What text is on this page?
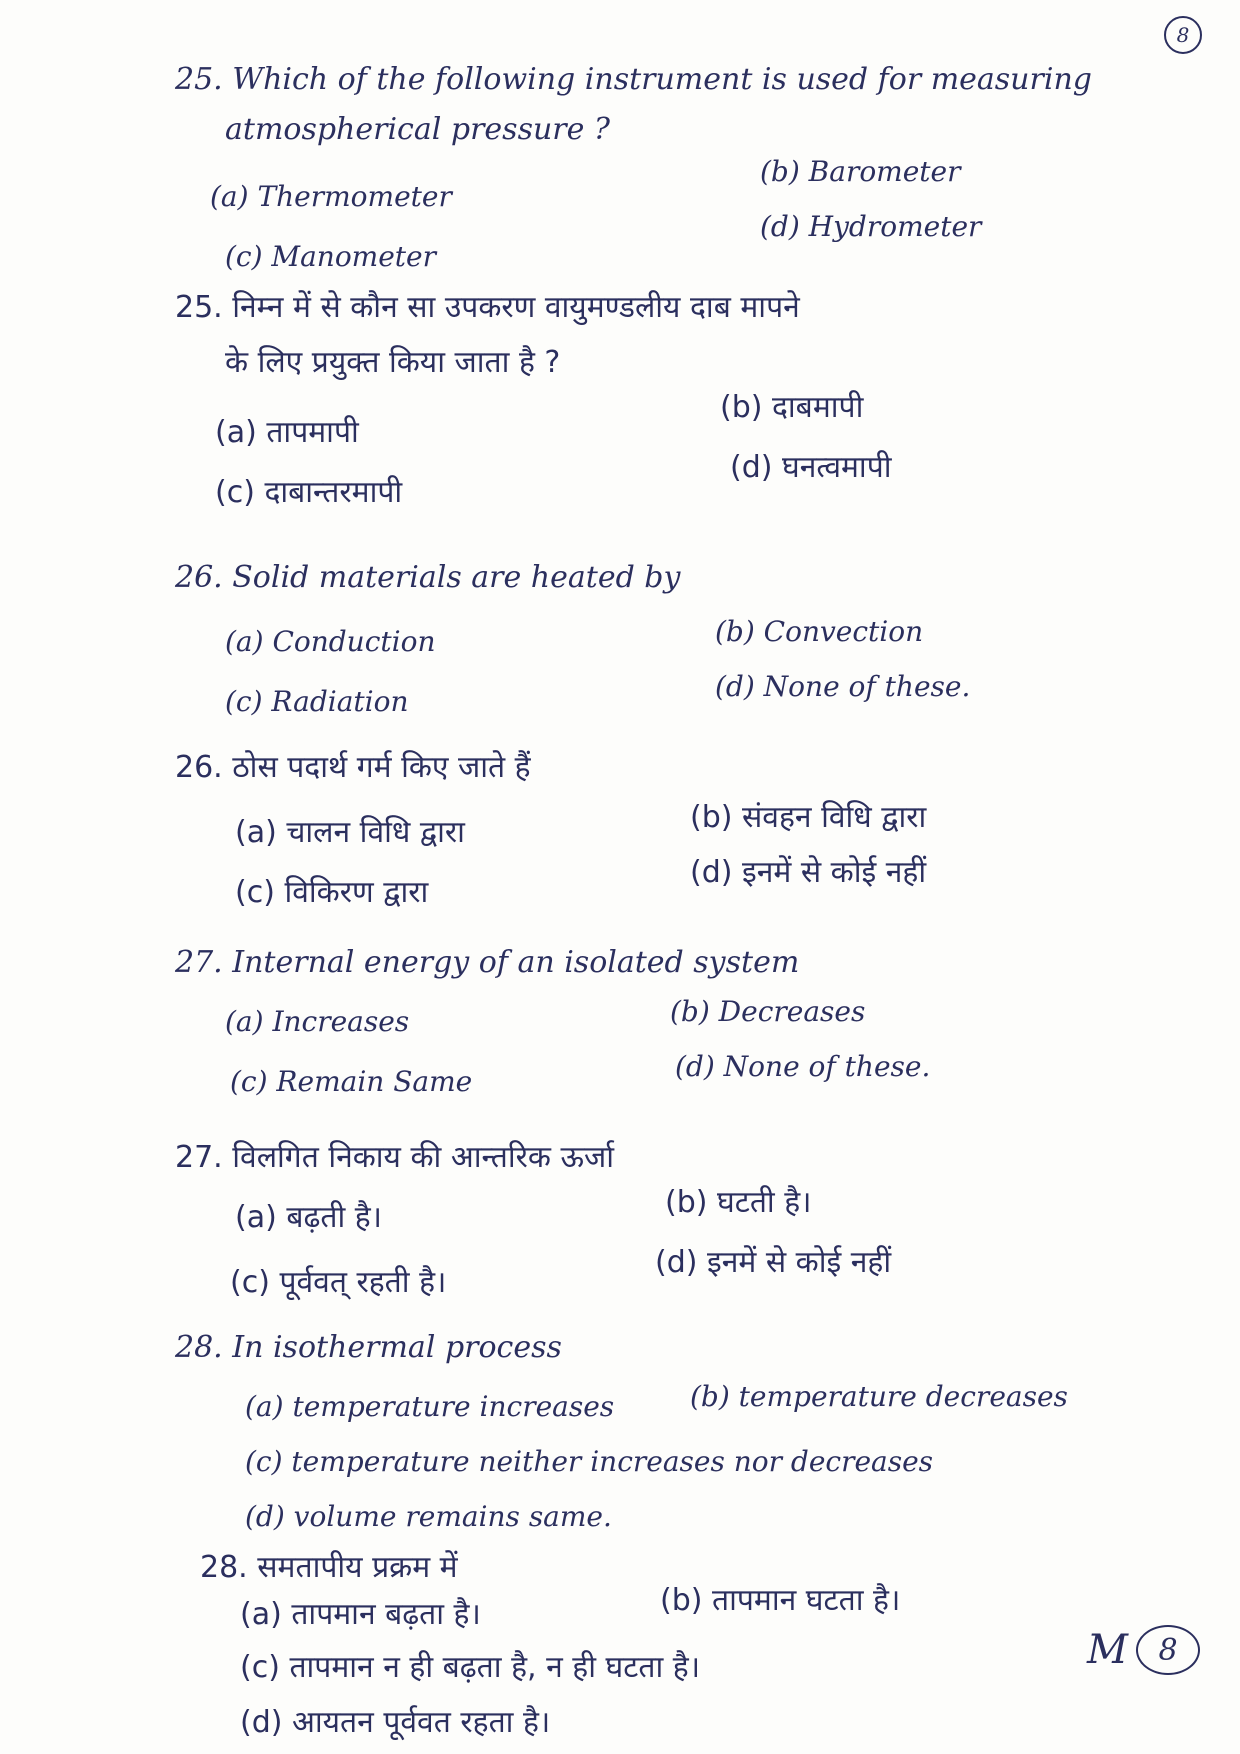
8
25. Which of the following instrument is used for measuring
atmospherical pressure ?
(a) Thermometer
(b) Barometer
(c) Manometer
(d) Hydrometer
25. निम्न में से कौन सा उपकरण वायुमण्डलीय दाब मापने
के लिए प्रयुक्त किया जाता है ?
(a) तापमापी
(b) दाबमापी
(c) दाबान्तरमापी
(d) घनत्वमापी
26. Solid materials are heated by
(a) Conduction	(b) Convection
(c) Radiation	(d) None of these.
26. ठोस पदार्थ गर्म किए जाते हैं
(a) चालन विधि द्वारा	(b) संवहन विधि द्वारा
(c) विकिरण द्वारा
(d) इनमें से कोई नहीं
27. Internal energy of an isolated system
(a) Increases	(b) Decreases
(c) Remain Same	(d) None of these.
27. विलगित निकाय की आन्तरिक ऊर्जा
(a) बढ़ती है।	(b) घटती है।
(c) पूर्ववत् रहती है।
(d) इनमें से कोई नहीं
28. In isothermal process
(a) temperature increases	(b) temperature decreases
(c) temperature neither increases nor decreases
(d) volume remains same.
28. समतापीय प्रक्रम में
(a) तापमान बढ़ता है।	(b) तापमान घटता है।
(c) तापमान न ही बढ़ता है, न ही घटता है।
(d) आयतन पूर्ववत रहता है।
M	8
